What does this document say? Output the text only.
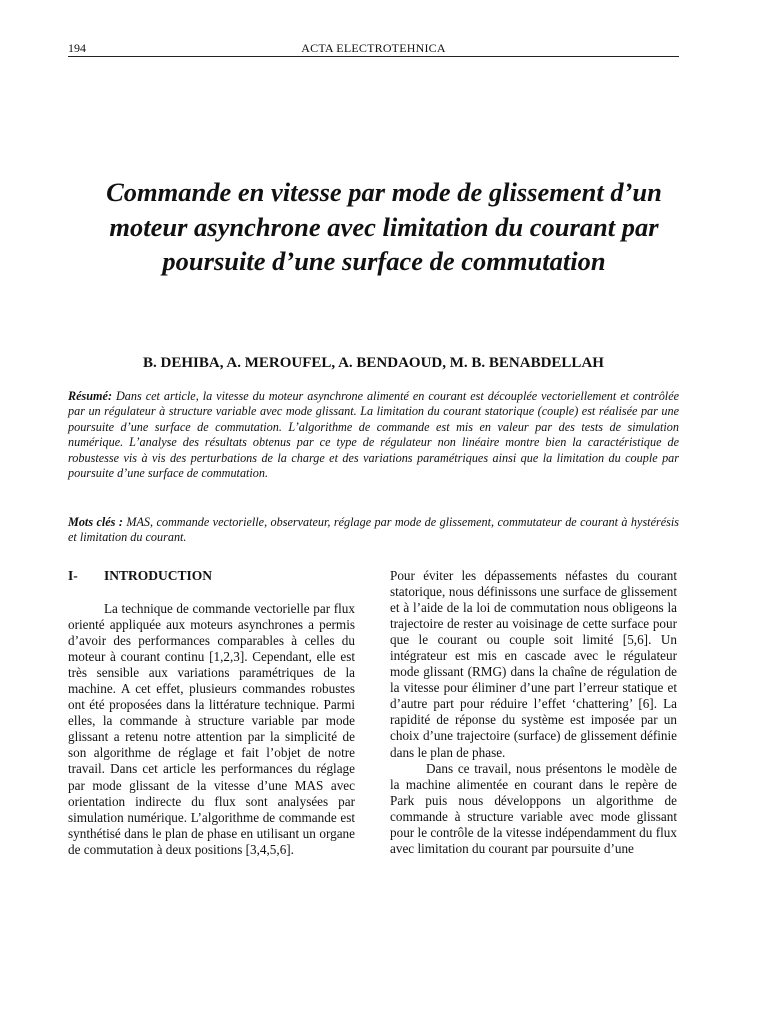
194	ACTA ELECTROTEHNICA
Commande en vitesse par mode de glissement d’un moteur asynchrone avec limitation du courant par poursuite d’une surface de commutation
B. DEHIBA, A. MEROUFEL, A. BENDAOUD, M. B. BENABDELLAH

Résumé: Dans cet article, la vitesse du moteur asynchrone alimenté en courant est découplée vectoriellement et contrôlée par un régulateur à structure variable avec mode glissant. La limitation du courant statorique (couple) est réalisée par une poursuite d’une surface de commutation. L’algorithme de commande est mis en valeur par des tests de simulation numérique. L’analyse des résultats obtenus par ce type de régulateur non linéaire montre bien la caractéristique de robustesse vis à vis des perturbations de la charge et des variations paramétriques ainsi que la limitation du couple par poursuite d’une surface de commutation.

Mots clés : MAS, commande vectorielle, observateur, réglage par mode de glissement, commutateur de courant à hystérésis et limitation du courant.

I-	INTRODUCTION

La technique de commande vectorielle par flux orienté appliquée aux moteurs asynchrones a permis d’avoir des performances comparables à celles du moteur à courant continu [1,2,3]. Cependant, elle est très sensible aux variations paramétriques de la machine. A cet effet, plusieurs commandes robustes ont été proposées dans la littérature technique. Parmi elles, la commande à structure variable par mode glissant a retenu notre attention par la simplicité de son algorithme de réglage et fait l’objet de notre travail. Dans cet article les performances du réglage par mode glissant de la vitesse d’une MAS avec orientation indirecte du flux sont analysées par simulation numérique. L’algorithme de commande est synthétisé dans le plan de phase en utilisant un organe de commutation à deux positions [3,4,5,6].

Pour éviter les dépassements néfastes du courant statorique, nous définissons une surface de glissement et à l’aide de la loi de commutation nous obligeons la trajectoire de rester au voisinage de cette surface pour que le courant ou couple soit limité [5,6]. Un intégrateur est mis en cascade avec le régulateur mode glissant (RMG) dans la chaîne de régulation de la vitesse pour éliminer d’une part l’erreur statique et d’autre part pour réduire l’effet ‘chattering’ [6]. La rapidité de réponse du système est imposée par un choix d’une trajectoire (surface) de glissement définie dans le plan de phase.

Dans ce travail, nous présentons le modèle de la machine alimentée en courant dans le repère de Park puis nous développons un algorithme de commande à structure variable avec mode glissant pour le contrôle de la vitesse indépendamment du flux avec limitation du courant par poursuite d’une
